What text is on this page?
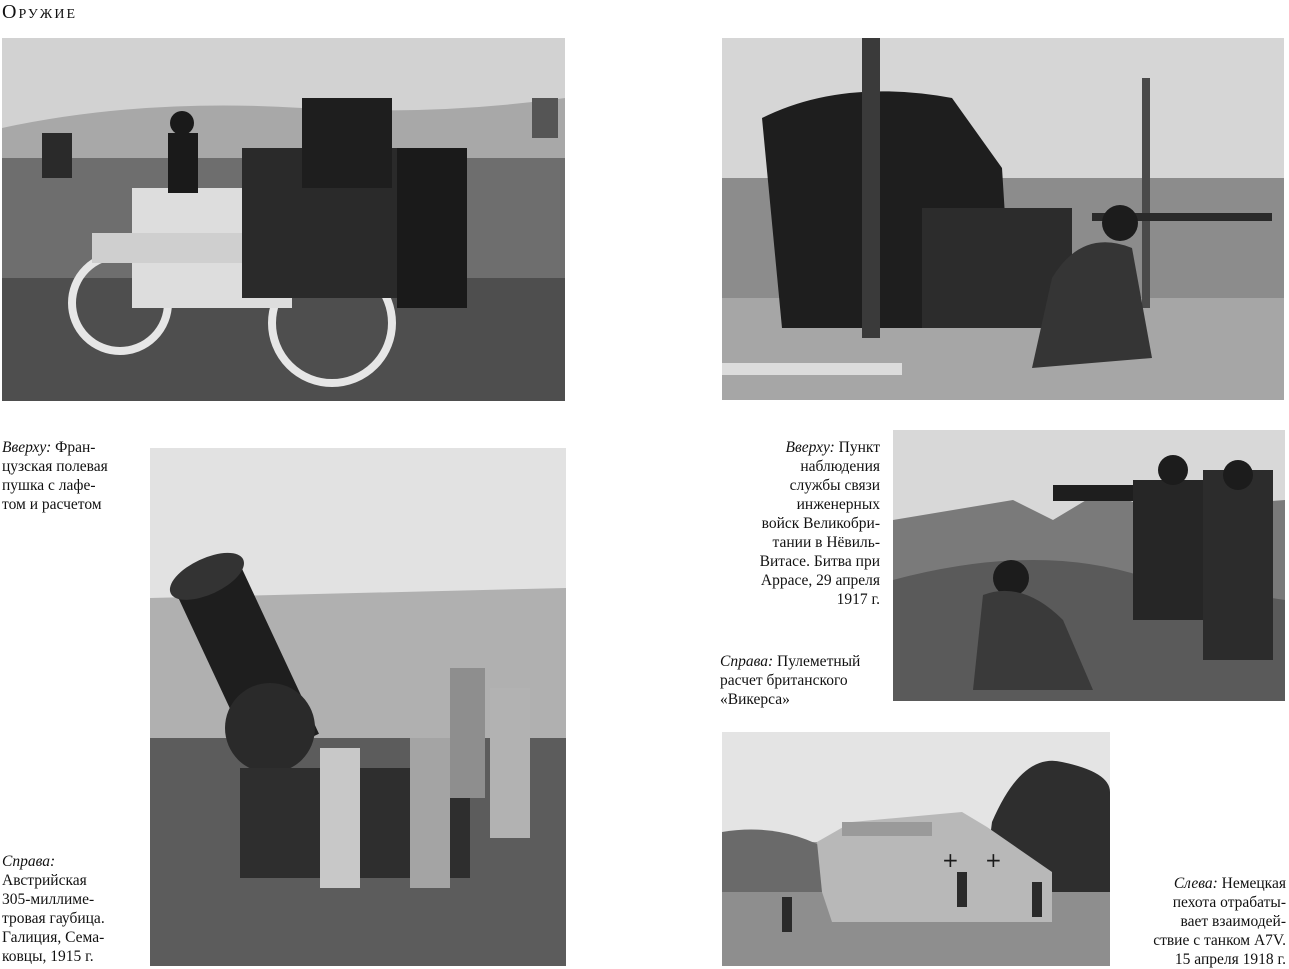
Оружие

Вверху: Фран-
цузская полевая
пушка с лафе-
том и расчетом

Справа:
Австрийская
305-миллиме-
тровая гаубица.
Галиция, Сема-
ковцы, 1915 г.

Вверху: Пункт
наблюдения
службы связи
инженерных
войск Великобри-
тании в Нёвиль-
Витасе. Битва при
Аррасе, 29 апреля
1917 г.

Справа: Пулеметный
расчет британского
«Викерса»

+ +

Слева: Немецкая
пехота отрабаты-
вает взаимодей-
ствие с танком A7V.
15 апреля 1918 г.
